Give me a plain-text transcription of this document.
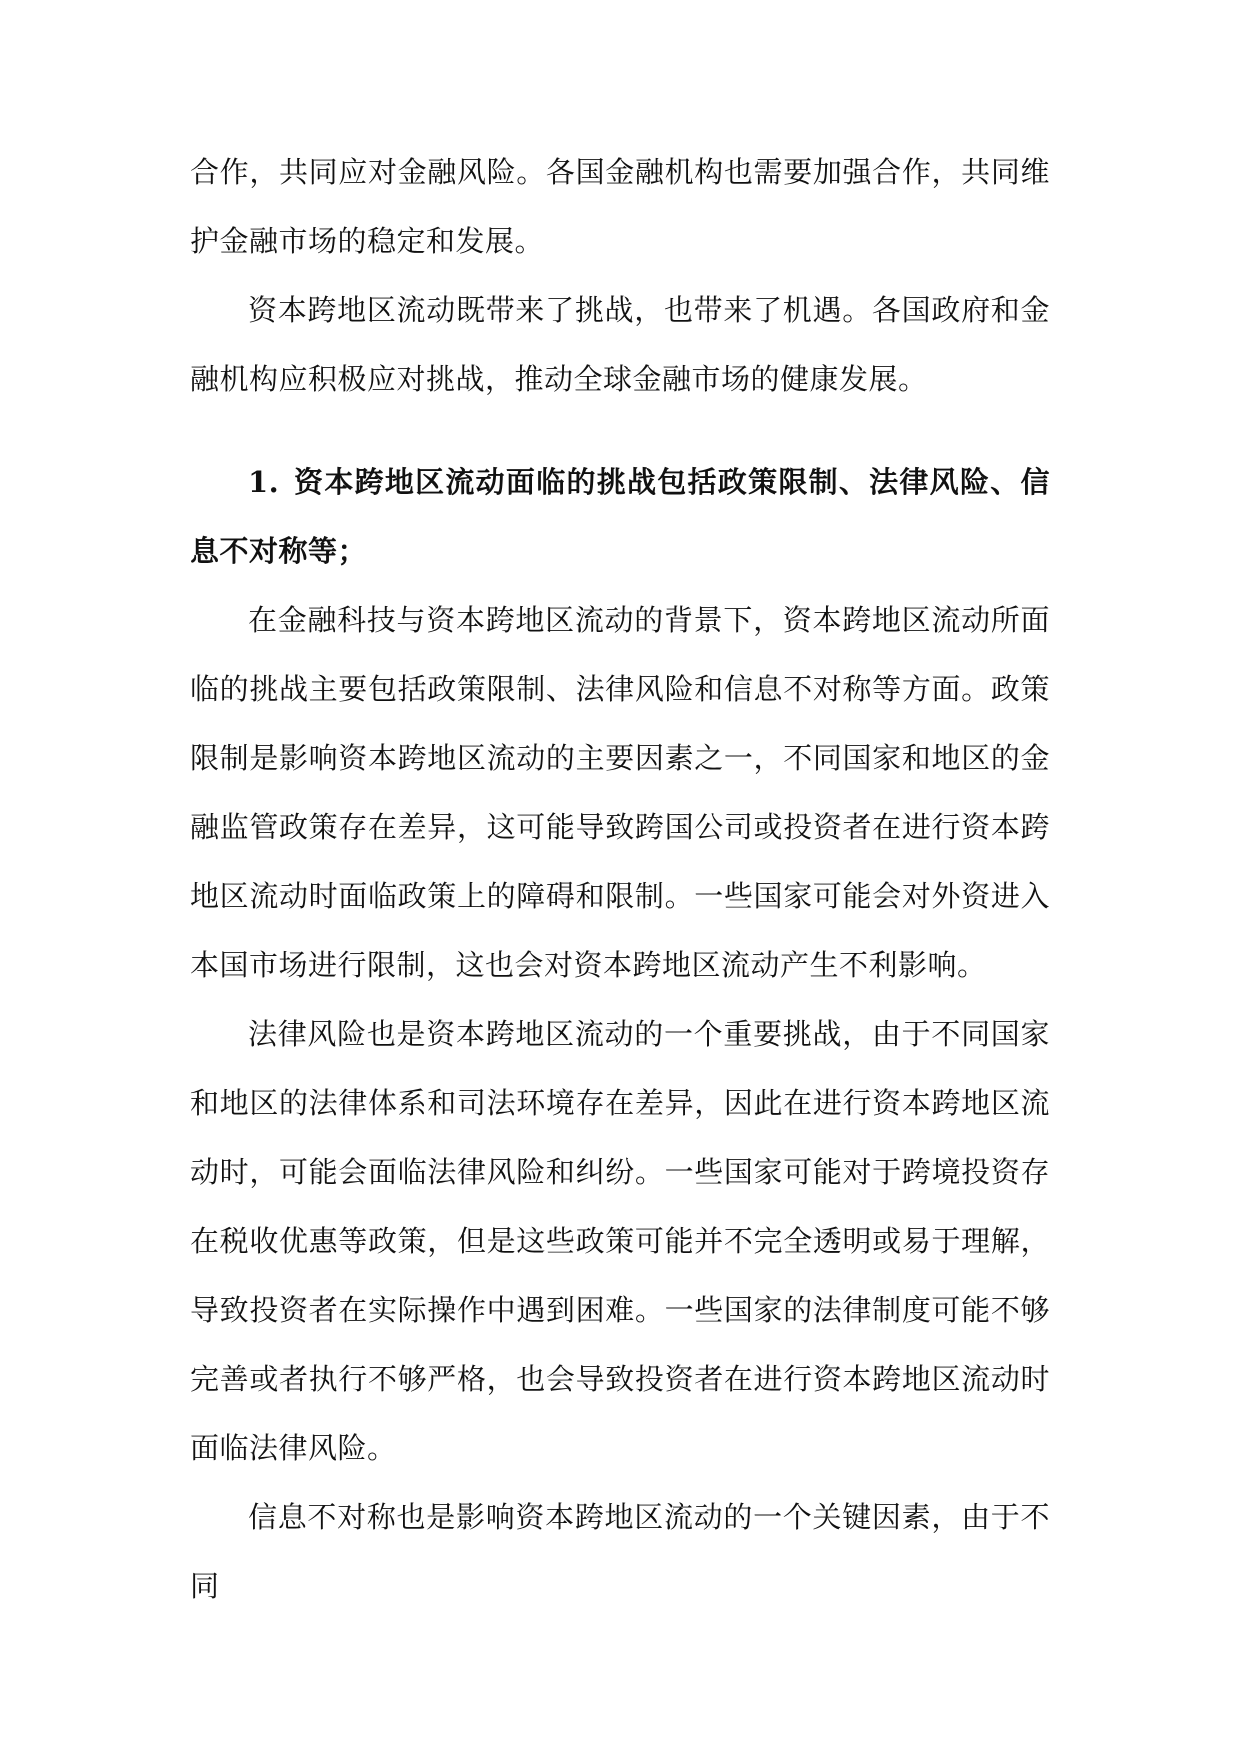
合作，共同应对金融风险。各国金融机构也需要加强合作，共同维护金融市场的稳定和发展。

资本跨地区流动既带来了挑战，也带来了机遇。各国政府和金融机构应积极应对挑战，推动全球金融市场的健康发展。

1. 资本跨地区流动面临的挑战包括政策限制、法律风险、信息不对称等；

在金融科技与资本跨地区流动的背景下，资本跨地区流动所面临的挑战主要包括政策限制、法律风险和信息不对称等方面。政策限制是影响资本跨地区流动的主要因素之一，不同国家和地区的金融监管政策存在差异，这可能导致跨国公司或投资者在进行资本跨地区流动时面临政策上的障碍和限制。一些国家可能会对外资进入本国市场进行限制，这也会对资本跨地区流动产生不利影响。

法律风险也是资本跨地区流动的一个重要挑战，由于不同国家和地区的法律体系和司法环境存在差异，因此在进行资本跨地区流动时，可能会面临法律风险和纠纷。一些国家可能对于跨境投资存在税收优惠等政策，但是这些政策可能并不完全透明或易于理解，导致投资者在实际操作中遇到困难。一些国家的法律制度可能不够完善或者执行不够严格，也会导致投资者在进行资本跨地区流动时面临法律风险。

信息不对称也是影响资本跨地区流动的一个关键因素，由于不同
